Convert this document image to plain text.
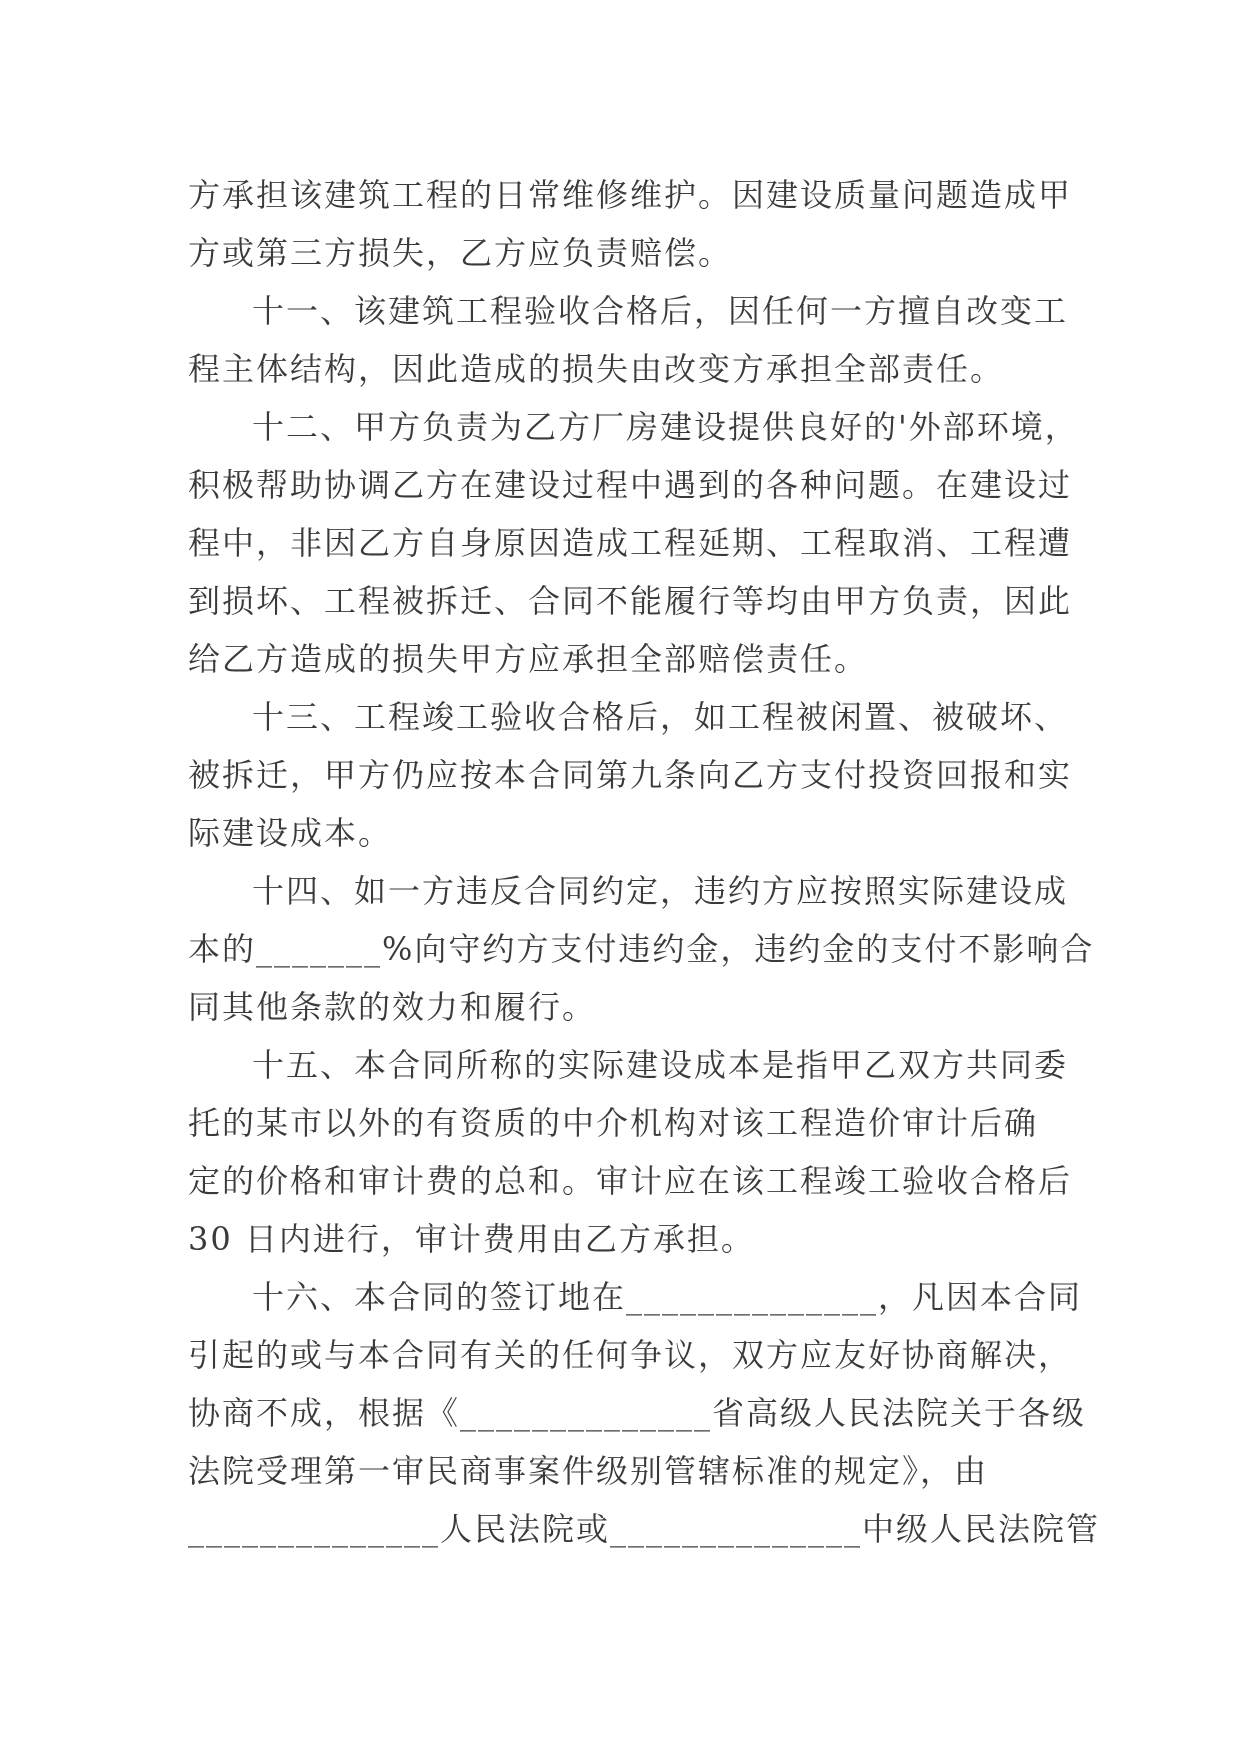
方承担该建筑工程的日常维修维护。因建设质量问题造成甲
方或第三方损失，乙方应负责赔偿。
十一、该建筑工程验收合格后，因任何一方擅自改变工
程主体结构，因此造成的损失由改变方承担全部责任。
十二、甲方负责为乙方厂房建设提供良好的'外部环境，
积极帮助协调乙方在建设过程中遇到的各种问题。在建设过
程中，非因乙方自身原因造成工程延期、工程取消、工程遭
到损坏、工程被拆迁、合同不能履行等均由甲方负责，因此
给乙方造成的损失甲方应承担全部赔偿责任。
十三、工程竣工验收合格后，如工程被闲置、被破坏、
被拆迁，甲方仍应按本合同第九条向乙方支付投资回报和实
际建设成本。
十四、如一方违反合同约定，违约方应按照实际建设成
本的_______%向守约方支付违约金，违约金的支付不影响合
同其他条款的效力和履行。
十五、本合同所称的实际建设成本是指甲乙双方共同委
托的某市以外的有资质的中介机构对该工程造价审计后确
定的价格和审计费的总和。审计应在该工程竣工验收合格后
30 日内进行，审计费用由乙方承担。
十六、本合同的签订地在______________，凡因本合同
引起的或与本合同有关的任何争议，双方应友好协商解决，
协商不成，根据《______________省高级人民法院关于各级
法院受理第一审民商事案件级别管辖标准的规定》，由
______________人民法院或______________中级人民法院管
